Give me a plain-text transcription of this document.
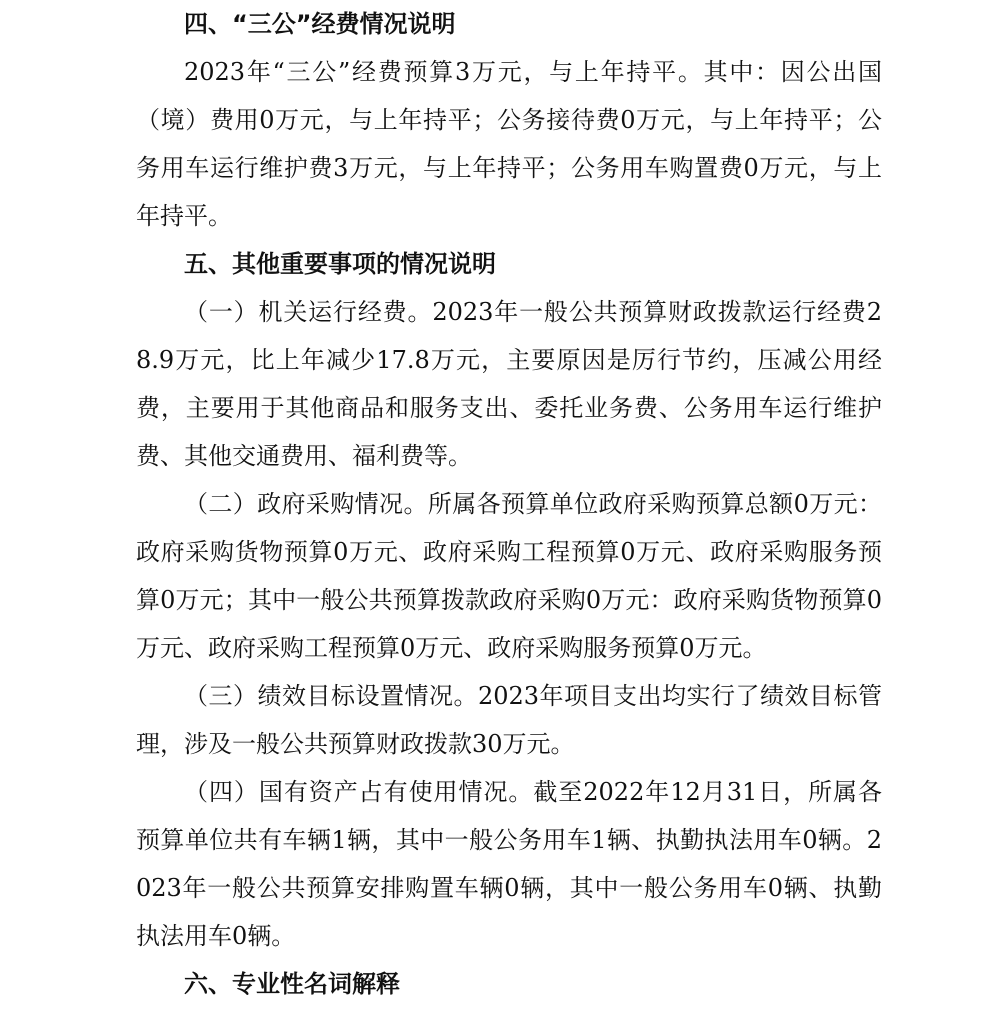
四、“三公”经费情况说明

2023年“三公”经费预算3万元，与上年持平。其中：因公出国（境）费用0万元，与上年持平；公务接待费0万元，与上年持平；公务用车运行维护费3万元，与上年持平；公务用车购置费0万元，与上年持平。

五、其他重要事项的情况说明

（一）机关运行经费。2023年一般公共预算财政拨款运行经费28.9万元，比上年减少17.8万元，主要原因是厉行节约，压减公用经费，主要用于其他商品和服务支出、委托业务费、公务用车运行维护费、其他交通费用、福利费等。

（二）政府采购情况。所属各预算单位政府采购预算总额0万元：政府采购货物预算0万元、政府采购工程预算0万元、政府采购服务预算0万元；其中一般公共预算拨款政府采购0万元：政府采购货物预算0万元、政府采购工程预算0万元、政府采购服务预算0万元。

（三）绩效目标设置情况。2023年项目支出均实行了绩效目标管理，涉及一般公共预算财政拨款30万元。

（四）国有资产占有使用情况。截至2022年12月31日，所属各预算单位共有车辆1辆，其中一般公务用车1辆、执勤执法用车0辆。2023年一般公共预算安排购置车辆0辆，其中一般公务用车0辆、执勤执法用车0辆。

六、专业性名词解释
